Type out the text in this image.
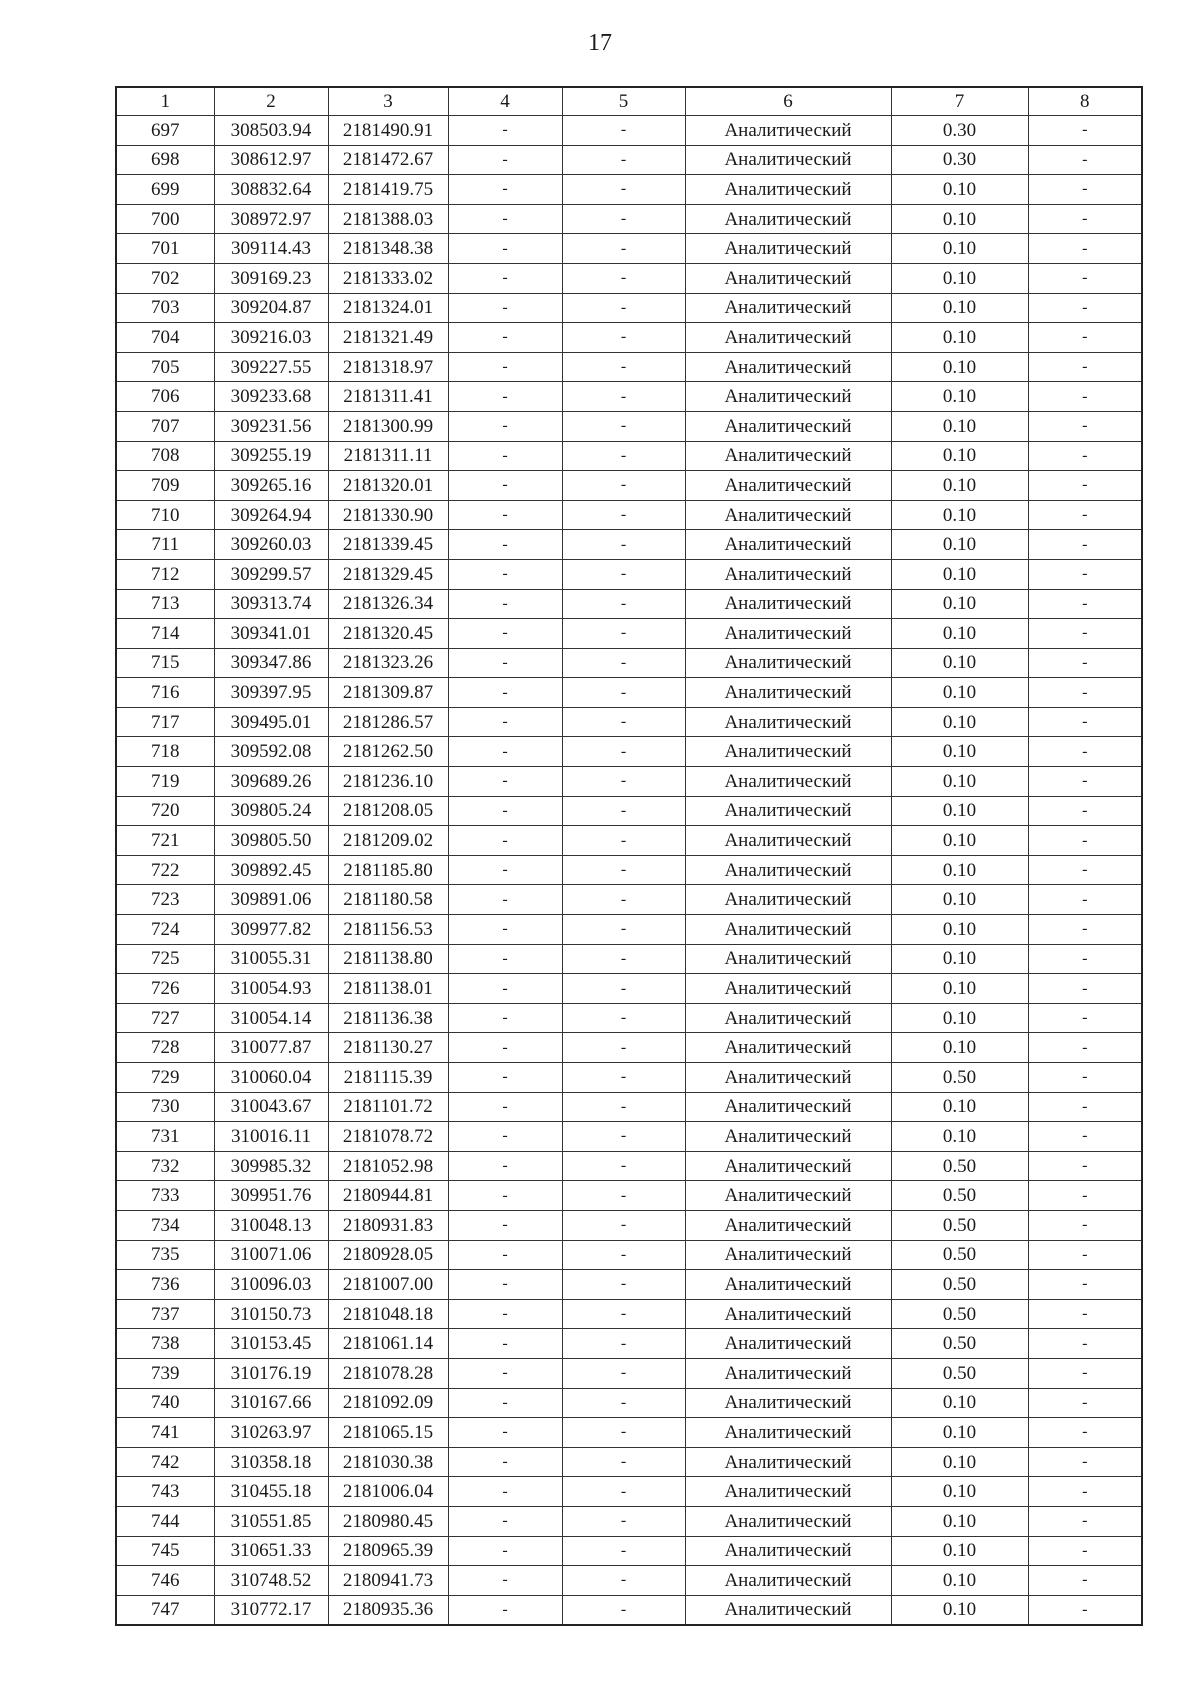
17
1	2	3	4	5	6	7	8
697	308503.94	2181490.91	-	-	Аналитический	0.30	-
698	308612.97	2181472.67	-	-	Аналитический	0.30	-
699	308832.64	2181419.75	-	-	Аналитический	0.10	-
700	308972.97	2181388.03	-	-	Аналитический	0.10	-
701	309114.43	2181348.38	-	-	Аналитический	0.10	-
702	309169.23	2181333.02	-	-	Аналитический	0.10	-
703	309204.87	2181324.01	-	-	Аналитический	0.10	-
704	309216.03	2181321.49	-	-	Аналитический	0.10	-
705	309227.55	2181318.97	-	-	Аналитический	0.10	-
706	309233.68	2181311.41	-	-	Аналитический	0.10	-
707	309231.56	2181300.99	-	-	Аналитический	0.10	-
708	309255.19	2181311.11	-	-	Аналитический	0.10	-
709	309265.16	2181320.01	-	-	Аналитический	0.10	-
710	309264.94	2181330.90	-	-	Аналитический	0.10	-
711	309260.03	2181339.45	-	-	Аналитический	0.10	-
712	309299.57	2181329.45	-	-	Аналитический	0.10	-
713	309313.74	2181326.34	-	-	Аналитический	0.10	-
714	309341.01	2181320.45	-	-	Аналитический	0.10	-
715	309347.86	2181323.26	-	-	Аналитический	0.10	-
716	309397.95	2181309.87	-	-	Аналитический	0.10	-
717	309495.01	2181286.57	-	-	Аналитический	0.10	-
718	309592.08	2181262.50	-	-	Аналитический	0.10	-
719	309689.26	2181236.10	-	-	Аналитический	0.10	-
720	309805.24	2181208.05	-	-	Аналитический	0.10	-
721	309805.50	2181209.02	-	-	Аналитический	0.10	-
722	309892.45	2181185.80	-	-	Аналитический	0.10	-
723	309891.06	2181180.58	-	-	Аналитический	0.10	-
724	309977.82	2181156.53	-	-	Аналитический	0.10	-
725	310055.31	2181138.80	-	-	Аналитический	0.10	-
726	310054.93	2181138.01	-	-	Аналитический	0.10	-
727	310054.14	2181136.38	-	-	Аналитический	0.10	-
728	310077.87	2181130.27	-	-	Аналитический	0.10	-
729	310060.04	2181115.39	-	-	Аналитический	0.50	-
730	310043.67	2181101.72	-	-	Аналитический	0.10	-
731	310016.11	2181078.72	-	-	Аналитический	0.10	-
732	309985.32	2181052.98	-	-	Аналитический	0.50	-
733	309951.76	2180944.81	-	-	Аналитический	0.50	-
734	310048.13	2180931.83	-	-	Аналитический	0.50	-
735	310071.06	2180928.05	-	-	Аналитический	0.50	-
736	310096.03	2181007.00	-	-	Аналитический	0.50	-
737	310150.73	2181048.18	-	-	Аналитический	0.50	-
738	310153.45	2181061.14	-	-	Аналитический	0.50	-
739	310176.19	2181078.28	-	-	Аналитический	0.50	-
740	310167.66	2181092.09	-	-	Аналитический	0.10	-
741	310263.97	2181065.15	-	-	Аналитический	0.10	-
742	310358.18	2181030.38	-	-	Аналитический	0.10	-
743	310455.18	2181006.04	-	-	Аналитический	0.10	-
744	310551.85	2180980.45	-	-	Аналитический	0.10	-
745	310651.33	2180965.39	-	-	Аналитический	0.10	-
746	310748.52	2180941.73	-	-	Аналитический	0.10	-
747	310772.17	2180935.36	-	-	Аналитический	0.10	-
